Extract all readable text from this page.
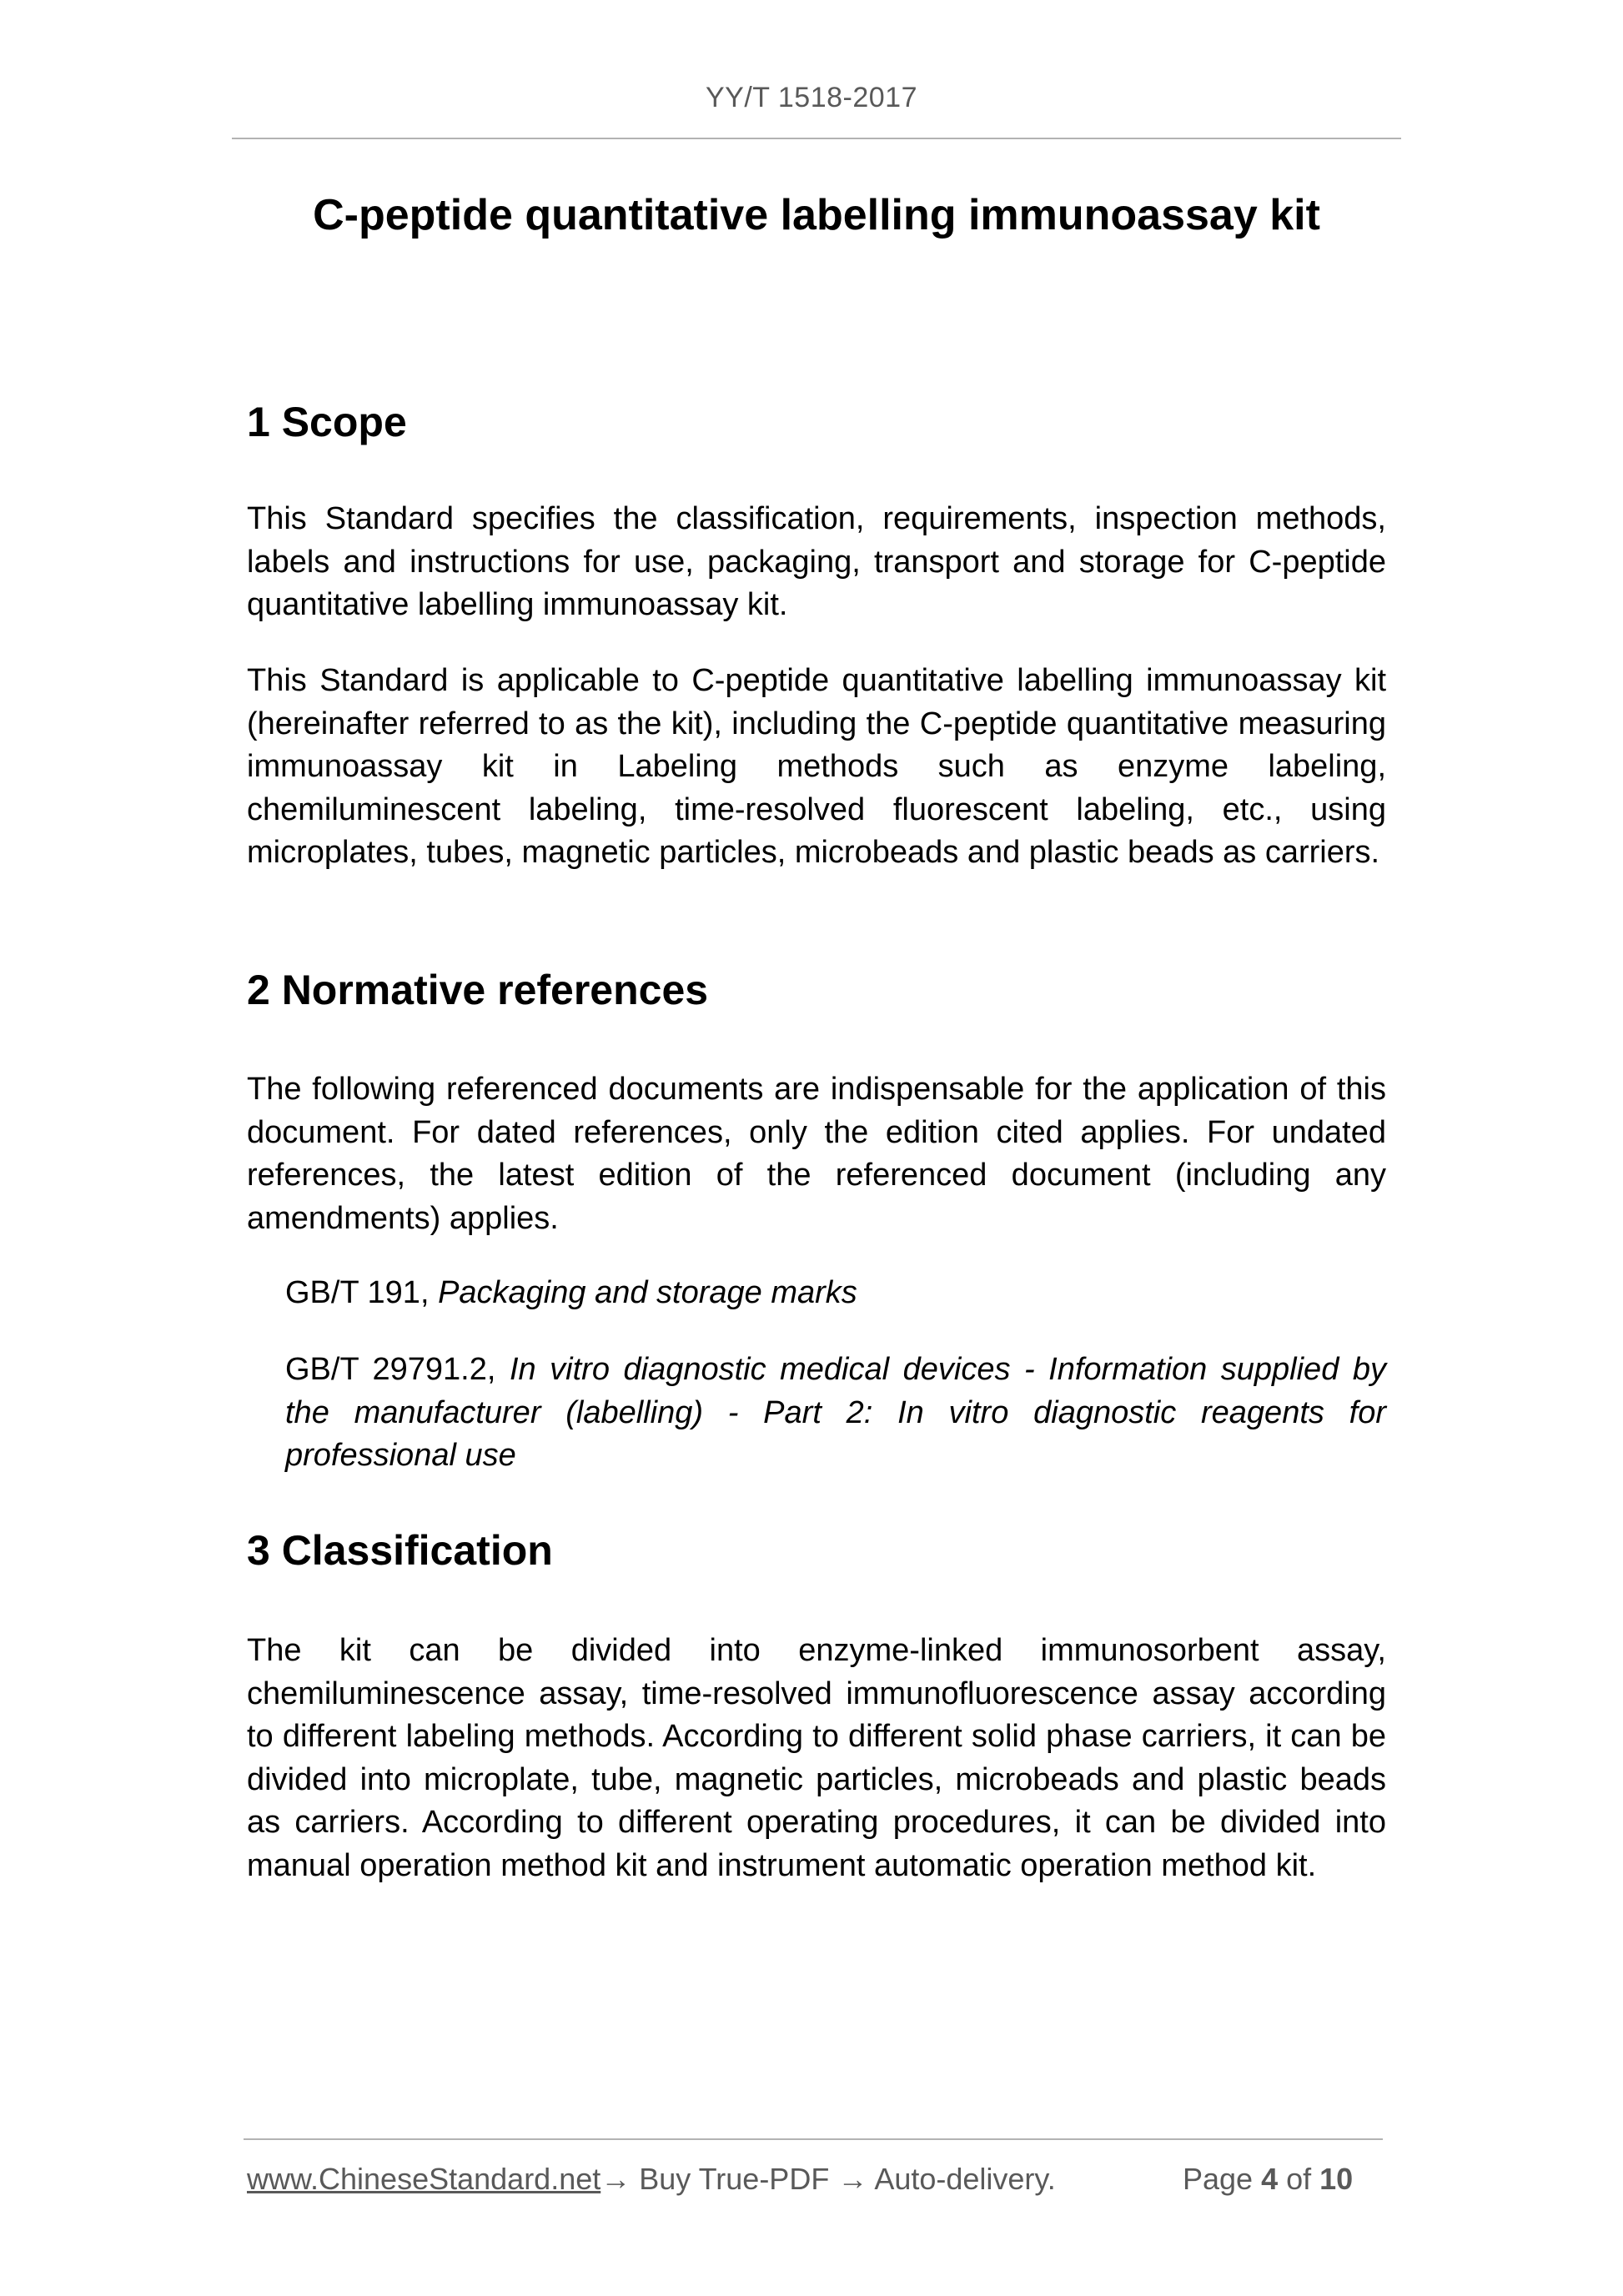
YY/T 1518-2017
C-peptide quantitative labelling immunoassay kit
1 Scope

This Standard specifies the classification, requirements, inspection methods, labels and instructions for use, packaging, transport and storage for C-peptide quantitative labelling immunoassay kit.

This Standard is applicable to C-peptide quantitative labelling immunoassay kit (hereinafter referred to as the kit), including the C-peptide quantitative measuring immunoassay kit in Labeling methods such as enzyme labeling, chemiluminescent labeling, time-resolved fluorescent labeling, etc., using microplates, tubes, magnetic particles, microbeads and plastic beads as carriers.

2 Normative references

The following referenced documents are indispensable for the application of this document. For dated references, only the edition cited applies. For undated references, the latest edition of the referenced document (including any amendments) applies.

GB/T 191, Packaging and storage marks

GB/T 29791.2, In vitro diagnostic medical devices - Information supplied by the manufacturer (labelling) - Part 2: In vitro diagnostic reagents for professional use

3 Classification

The kit can be divided into enzyme-linked immunosorbent assay, chemiluminescence assay, time-resolved immunofluorescence assay according to different labeling methods. According to different solid phase carriers, it can be divided into microplate, tube, magnetic particles, microbeads and plastic beads as carriers. According to different operating procedures, it can be divided into manual operation method kit and instrument automatic operation method kit.

www.ChineseStandard.net→ Buy True-PDF → Auto-delivery.	Page 4 of 10
